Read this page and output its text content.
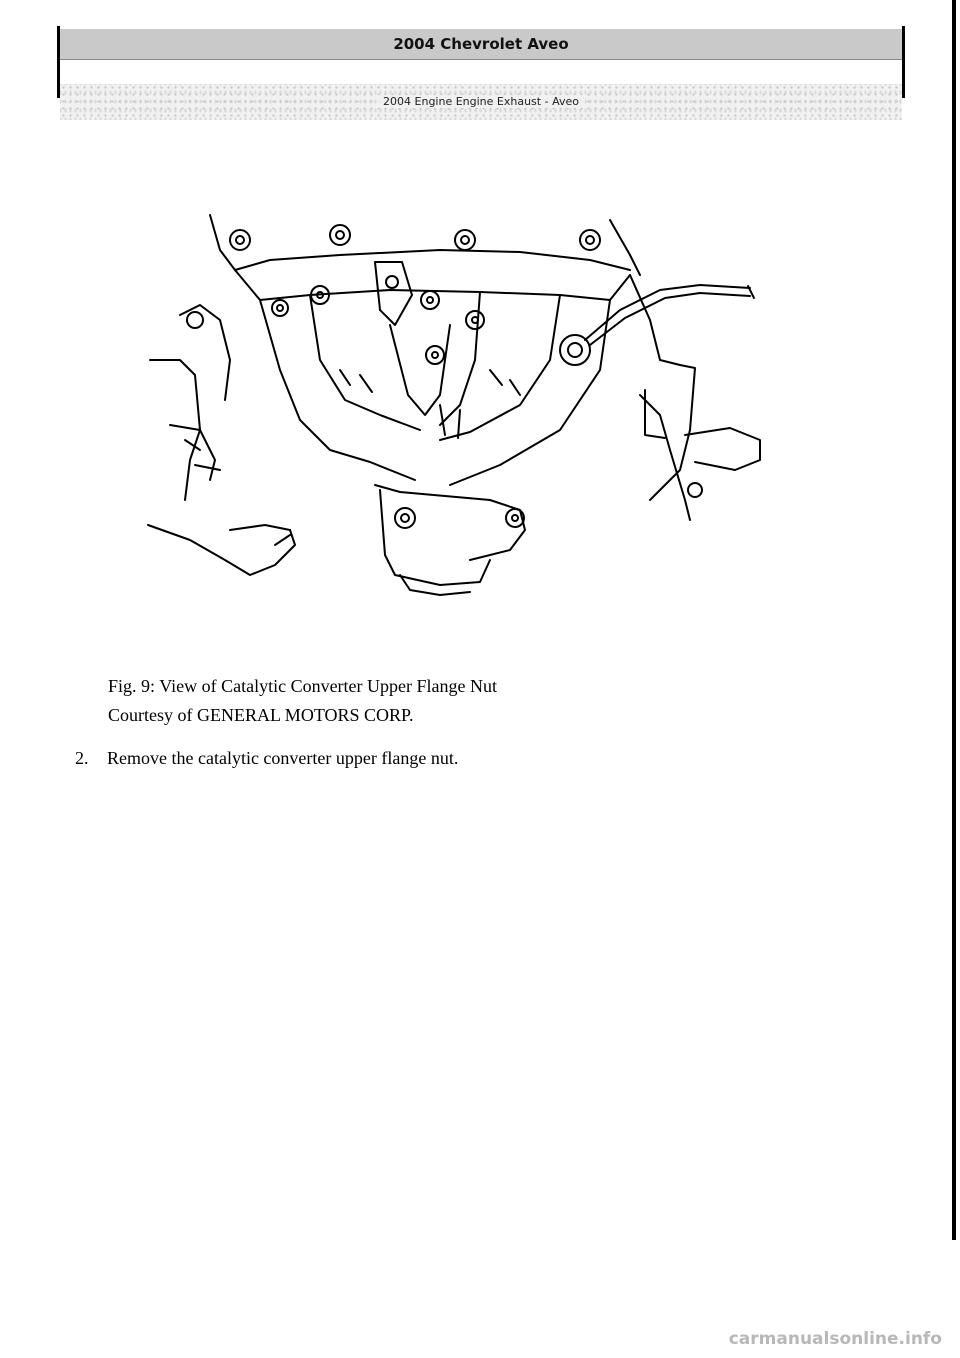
2004 Chevrolet Aveo
2004 Engine Engine Exhaust - Aveo
Fig. 9: View of Catalytic Converter Upper Flange Nut
Courtesy of GENERAL MOTORS CORP.
2. Remove the catalytic converter upper flange nut.
carmanualsonline.info
